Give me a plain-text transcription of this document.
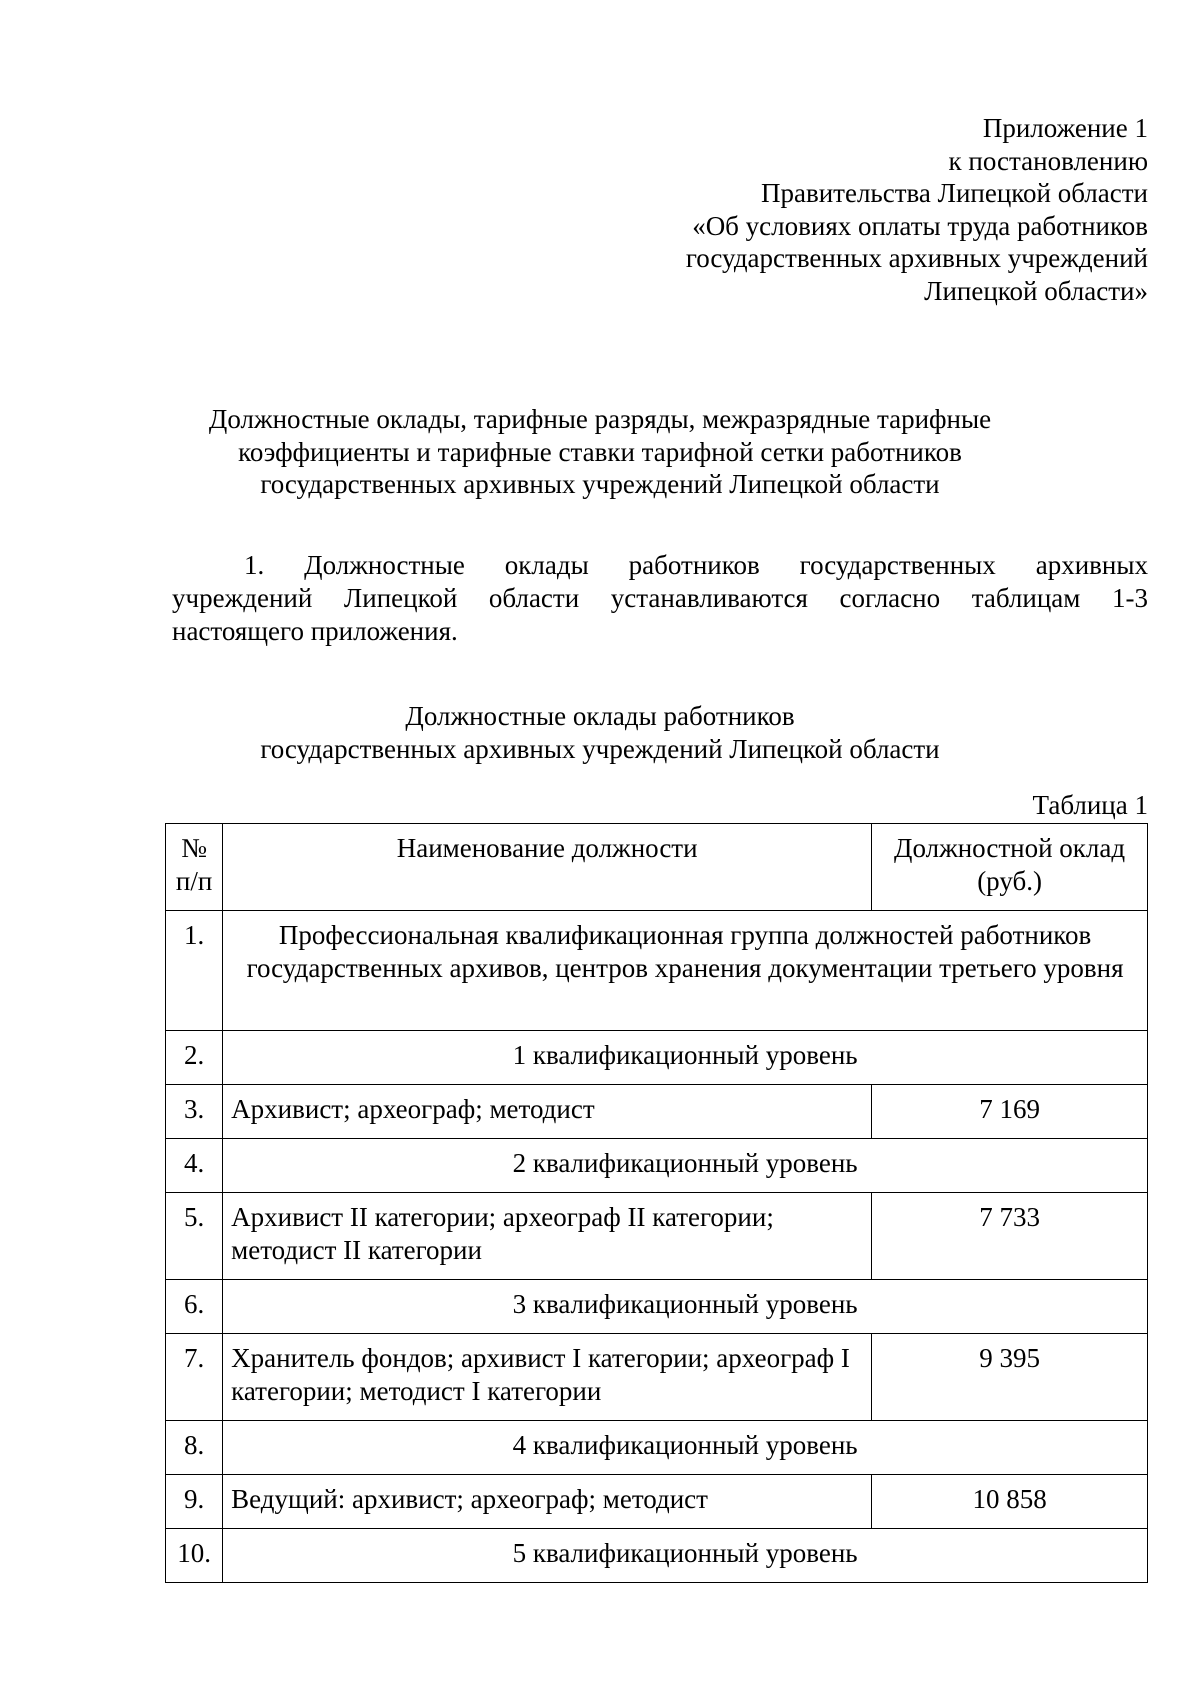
Приложение 1
к постановлению
Правительства Липецкой области
«Об условиях оплаты труда работников
государственных архивных учреждений
Липецкой области»
Должностные оклады, тарифные разряды, межразрядные тарифные
коэффициенты и тарифные ставки тарифной сетки работников
государственных архивных учреждений Липецкой области
1. Должностные оклады работников государственных архивных
учреждений Липецкой области устанавливаются согласно таблицам 1-3
настоящего приложения.
Должностные оклады работников
государственных архивных учреждений Липецкой области
Таблица 1
№ п/п	Наименование должности	Должностной оклад (руб.)
1.	Профессиональная квалификационная группа должностей работников государственных архивов, центров хранения документации третьего уровня	
2.	1 квалификационный уровень	
3.	Архивист; археограф; методист	7 169
4.	2 квалификационный уровень	
5.	Архивист II категории; археограф II категории; методист II категории	7 733
6.	3 квалификационный уровень	
7.	Хранитель фондов; архивист I категории; археограф I категории; методист I категории	9 395
8.	4 квалификационный уровень	
9.	Ведущий: архивист; археограф; методист	10 858
10.	5 квалификационный уровень	
